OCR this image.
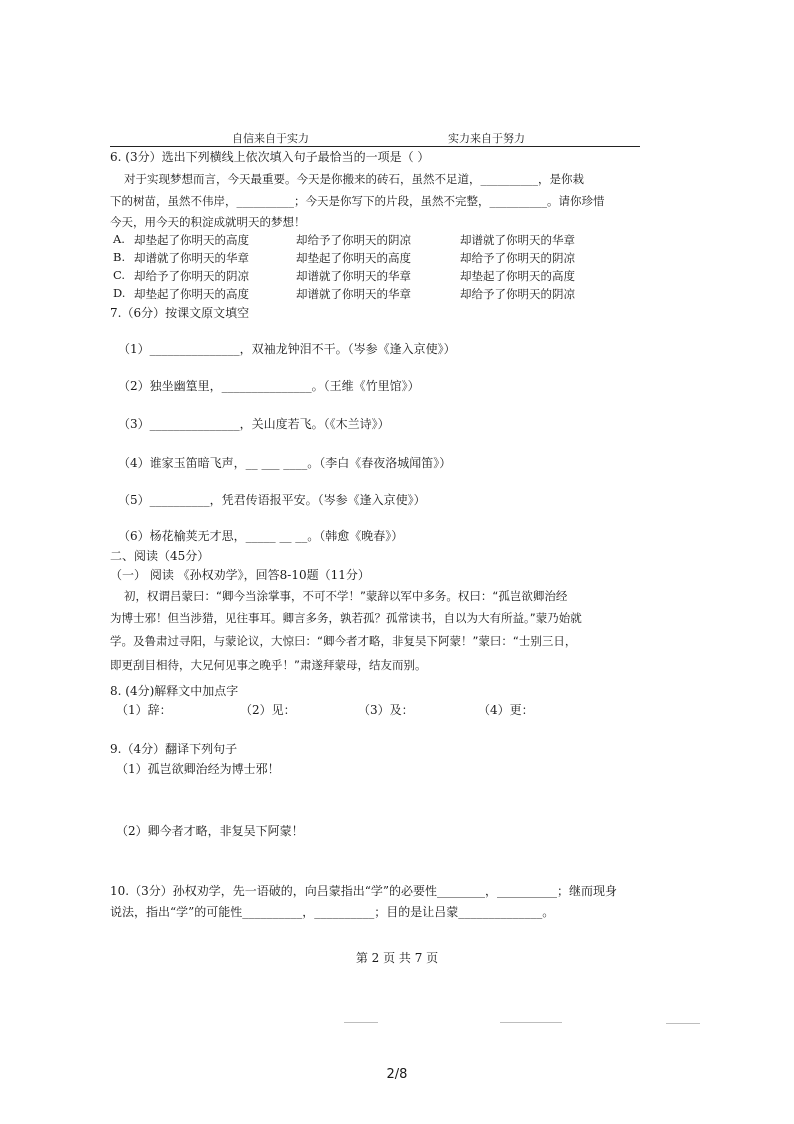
自信来自于实力	实力来自于努力
6. (3分）选出下列横线上依次填入句子最恰当的一项是（ ）
对于实现梦想而言，今天最重要。今天是你搬来的砖石，虽然不足道，__________，是你栽
下的树苗，虽然不伟岸，__________；今天是你写下的片段，虽然不完整，__________。请你珍惜
今天，用今天的积淀成就明天的梦想！
A. 却垫起了你明天的高度	却给予了你明天的阴凉	却谱就了你明天的华章
B. 却谱就了你明天的华章	却垫起了你明天的高度	却给予了你明天的阴凉
C. 却给予了你明天的阴凉	却谱就了你明天的华章	却垫起了你明天的高度
D. 却垫起了你明天的高度	却谱就了你明天的华章	却给予了你明天的阴凉
7.（6分）按课文原文填空
（1）_______________，双袖龙钟泪不干。（岑参《逢入京使》）
（2）独坐幽篁里，_______________。（王维《竹里馆》）
（3）_______________，关山度若飞。（《木兰诗》）
（4）谁家玉笛暗飞声，__ ___ ____。（李白《春夜洛城闻笛》）
（5）__________，凭君传语报平安。（岑参《逢入京使》）
（6）杨花榆荚无才思，_____ __ __。（韩愈《晚春》）
二、阅读（45分）
（一） 阅读 《孙权劝学》，回答8-10题（11分）
初，权谓吕蒙曰：“卿今当涂掌事，不可不学！”蒙辞以军中多务。权曰：“孤岂欲卿治经
为博士邪！但当涉猎，见往事耳。卿言多务，孰若孤？孤常读书，自以为大有所益。”蒙乃始就
学。及鲁肃过寻阳，与蒙论议，大惊曰：“卿今者才略，非复吴下阿蒙！”蒙曰：“士别三日，
即更刮目相待，大兄何见事之晚乎！”肃遂拜蒙母，结友而别。
8. (4分)解释文中加点字
（1）辞：	（2）见：	（3）及：	（4）更：
9.（4分）翻译下列句子
（1）孤岂欲卿治经为博士邪！
（2）卿今者才略，非复吴下阿蒙！
10.（3分）孙权劝学，先一语破的，向吕蒙指出“学”的必要性________，__________；继而现身
说法，指出“学”的可能性__________，__________；目的是让吕蒙______________。
第 2 页 共 7 页
2/8
